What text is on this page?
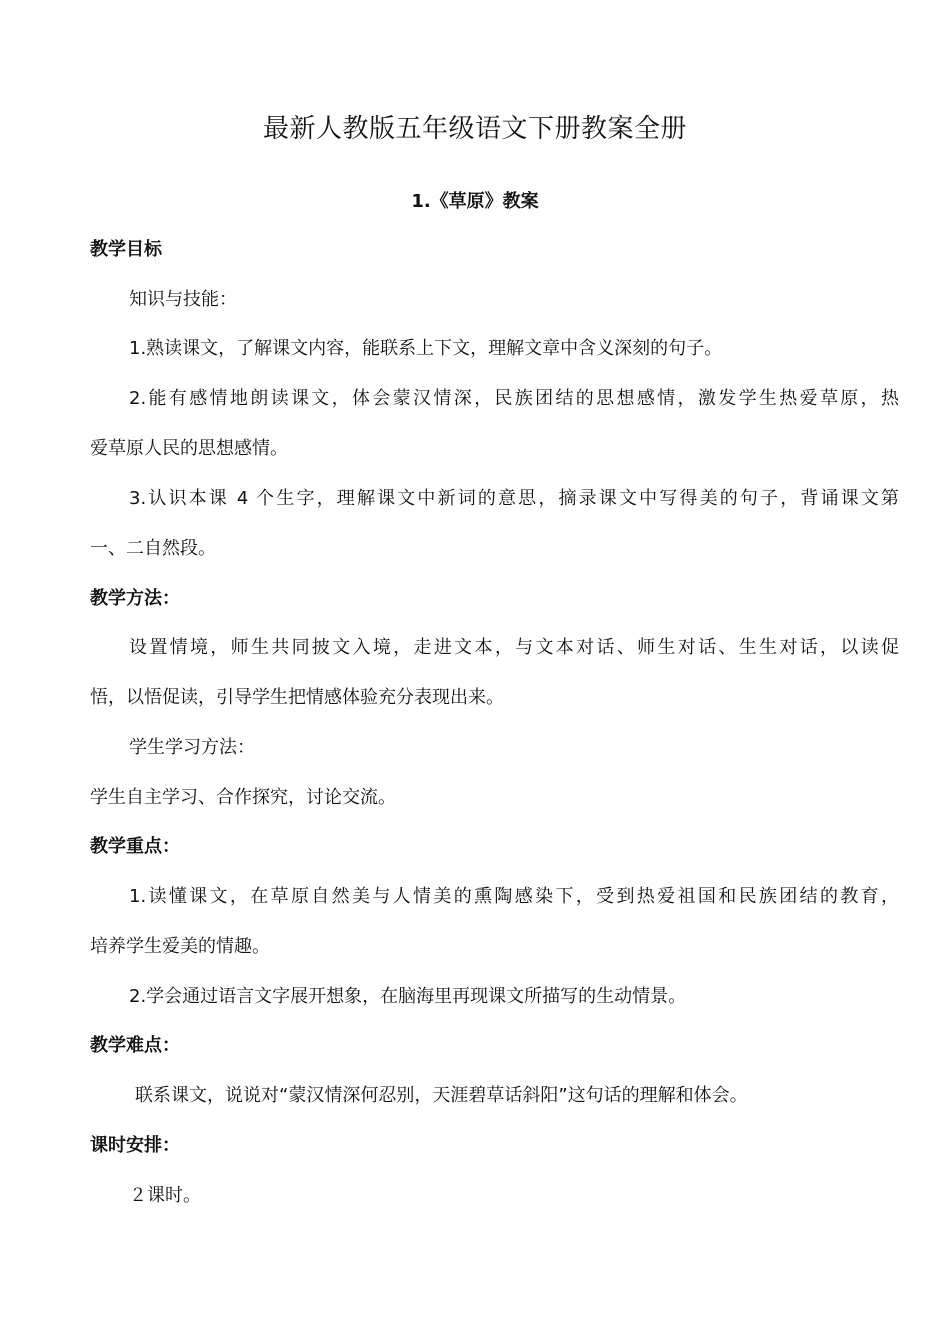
最新人教版五年级语文下册教案全册
1.《草原》教案

教学目标

知识与技能：

1.熟读课文，了解课文内容，能联系上下文，理解文章中含义深刻的句子。

2.能有感情地朗读课文，体会蒙汉情深，民族团结的思想感情，激发学生热爱草原，热

爱草原人民的思想感情。

3.认识本课 4 个生字，理解课文中新词的意思，摘录课文中写得美的句子，背诵课文第

一、二自然段。

教学方法：

设置情境，师生共同披文入境，走进文本，与文本对话、师生对话、生生对话，以读促

悟，以悟促读，引导学生把情感体验充分表现出来。

学生学习方法：

学生自主学习、合作探究，讨论交流。

教学重点：

1.读懂课文，在草原自然美与人情美的熏陶感染下，受到热爱祖国和民族团结的教育，

培养学生爱美的情趣。

2.学会通过语言文字展开想象，在脑海里再现课文所描写的生动情景。

教学难点：

联系课文，说说对“蒙汉情深何忍别，天涯碧草话斜阳”这句话的理解和体会。

课时安排：

２课时。
